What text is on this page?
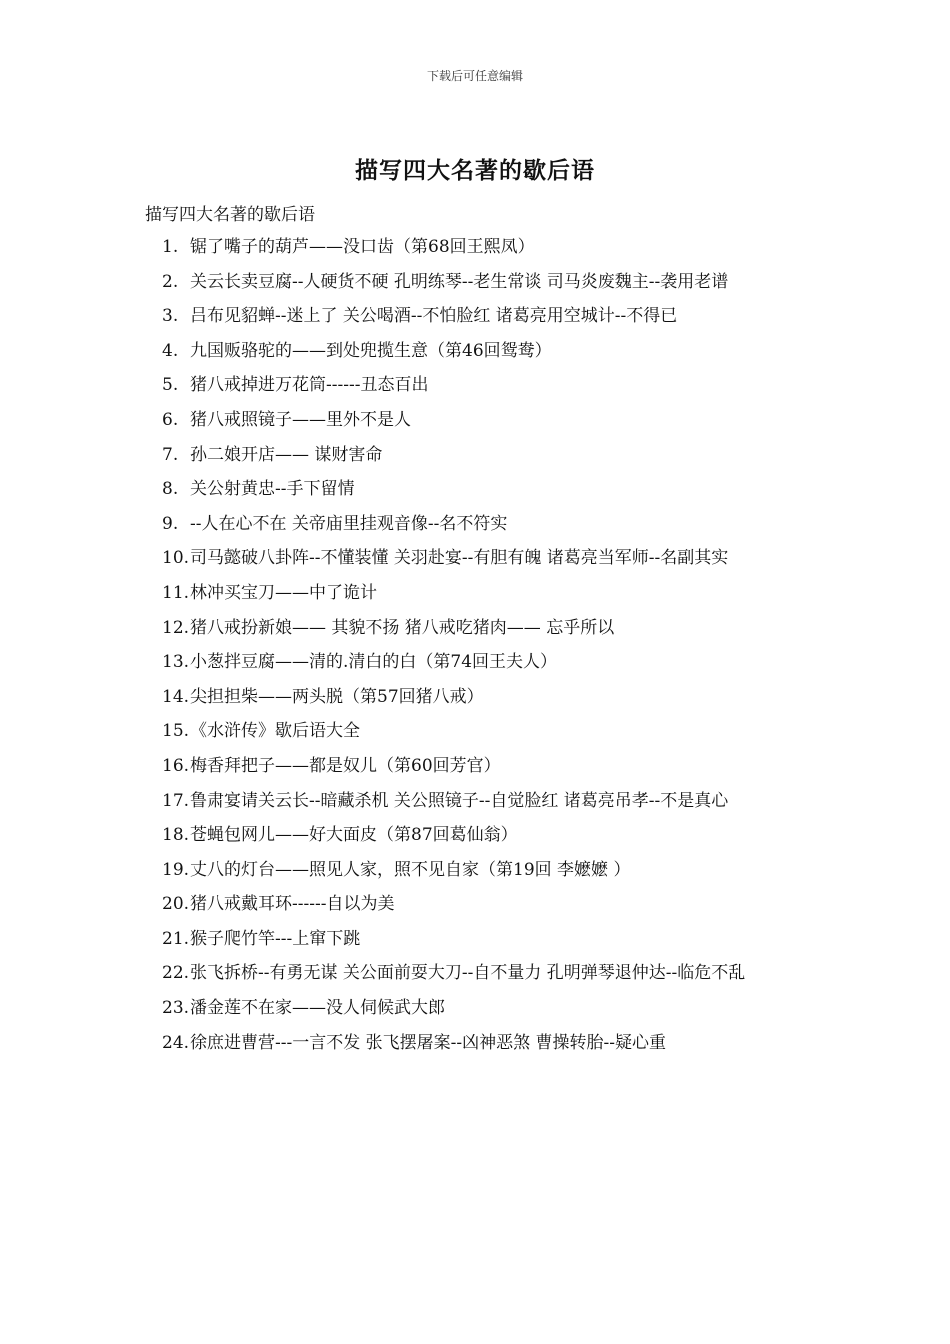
下载后可任意编辑
描写四大名著的歇后语
描写四大名著的歇后语
1. 锯了嘴子的葫芦——没口齿（第68回王熙凤）
2. 关云长卖豆腐--人硬货不硬 孔明练琴--老生常谈 司马炎废魏主--袭用老谱
3. 吕布见貂蝉--迷上了 关公喝酒--不怕脸红 诸葛亮用空城计--不得已
4. 九国贩骆驼的——到处兜揽生意（第46回鸳鸯）
5. 猪八戒掉进万花筒------丑态百出
6. 猪八戒照镜子——里外不是人
7. 孙二娘开店—— 谋财害命
8. 关公射黄忠--手下留情
9. --人在心不在 关帝庙里挂观音像--名不符实
10.司马懿破八卦阵--不懂装懂 关羽赴宴--有胆有魄 诸葛亮当军师--名副其实
11.林冲买宝刀——中了诡计
12.猪八戒扮新娘—— 其貌不扬 猪八戒吃猪肉—— 忘乎所以
13.小葱拌豆腐——清的.清白的白（第74回王夫人）
14.尖担担柴——两头脱（第57回猪八戒）
15.《水浒传》歇后语大全
16.梅香拜把子——都是奴儿（第60回芳官）
17.鲁肃宴请关云长--暗藏杀机 关公照镜子--自觉脸红 诸葛亮吊孝--不是真心
18.苍蝇包网儿——好大面皮（第87回葛仙翁）
19.丈八的灯台——照见人家，照不见自家（第19回 李嬷嬷 ）
20.猪八戒戴耳环------自以为美
21.猴子爬竹竿---上窜下跳
22.张飞拆桥--有勇无谋 关公面前耍大刀--自不量力 孔明弹琴退仲达--临危不乱
23.潘金莲不在家——没人伺候武大郎
24.徐庶进曹营---一言不发 张飞摆屠案--凶神恶煞 曹操转胎--疑心重
